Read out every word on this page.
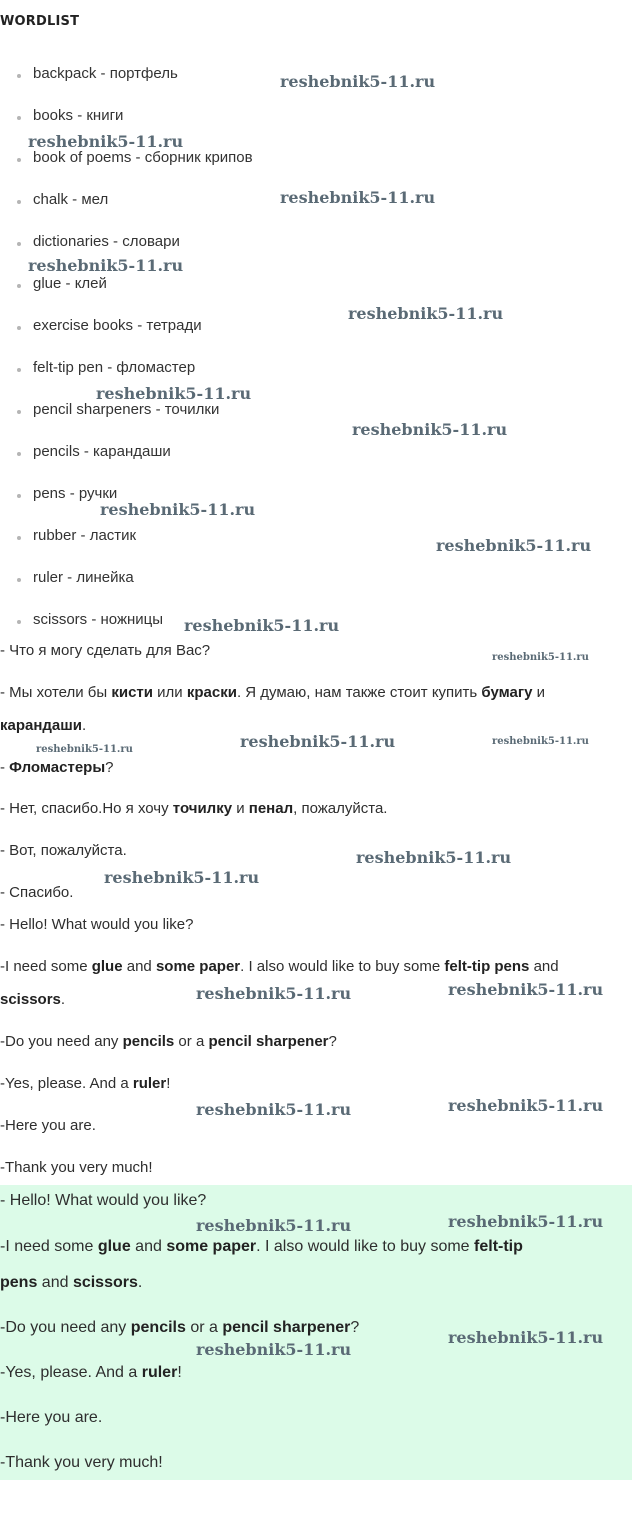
WORDLIST
backpack - портфель
books - книги
book of poems - сборник крипов
chalk - мел
dictionaries - словари
glue - клей
exercise books - тетради
felt-tip pen - фломастер
pencil sharpeners - точилки
pencils - карандаши
pens - ручки
rubber - ластик
ruler - линейка
scissors - ножницы
- Что я могу сделать для Вас?
- Мы хотели бы кисти или краски. Я думаю, нам также стоит купить бумагу и
карандаши.
- Фломастеры?
- Нет, спасибо.Но я хочу точилку и пенал, пожалуйста.
- Вот, пожалуйста.
- Спасибо.
- Hello! What would you like?
-I need some glue and some paper. I also would like to buy some felt-tip pens and
scissors.
-Do you need any pencils or a pencil sharpener?
-Yes, please. And a ruler!
-Here you are.
-Thank you very much!
- Hello! What would you like?
-I need some glue and some paper. I also would like to buy some felt-tip
pens and scissors.
-Do you need any pencils or a pencil sharpener?
-Yes, please. And a ruler!
-Here you are.
-Thank you very much!
reshebnik5-11.ru
reshebnik5-11.ru
reshebnik5-11.ru
reshebnik5-11.ru
reshebnik5-11.ru
reshebnik5-11.ru
reshebnik5-11.ru
reshebnik5-11.ru
reshebnik5-11.ru
reshebnik5-11.ru
reshebnik5-11.ru
reshebnik5-11.ru
reshebnik5-11.ru
reshebnik5-11.ru
reshebnik5-11.ru
reshebnik5-11.ru
reshebnik5-11.ru	reshebnik5-11.ru
reshebnik5-11.ru	reshebnik5-11.ru
reshebnik5-11.ru	reshebnik5-11.ru
reshebnik5-11.ru
reshebnik5-11.ru
